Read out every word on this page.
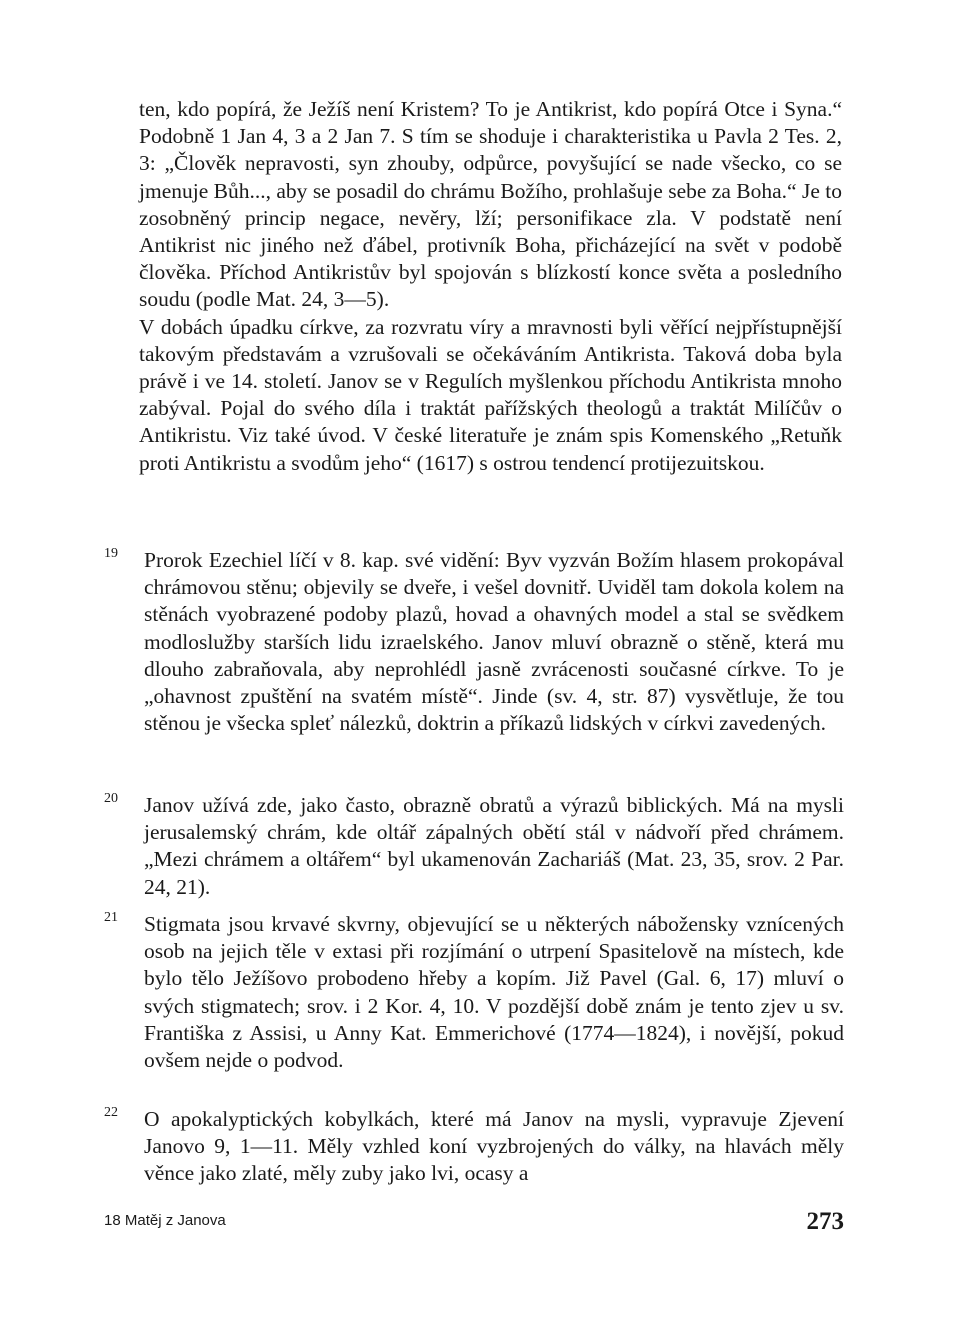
ten, kdo popírá, že Ježíš není Kristem? To je Antikrist, kdo popírá Otce i Syna.“ Podobně 1 Jan 4, 3 a 2 Jan 7. S tím se shoduje i charakteristika u Pavla 2 Tes. 2, 3: „Člověk nepravosti, syn zhouby, odpůrce, povyšující se nade všecko, co se jmenuje Bůh..., aby se posadil do chrámu Božího, prohlašuje sebe za Boha.“ Je to zosobněný princip negace, nevěry, lží; personifikace zla. V podstatě není Antikrist nic jiného než ďábel, protivník Boha, přicházející na svět v podobě člověka. Příchod Antikristův byl spojován s blízkostí konce světa a posledního soudu (podle Mat. 24, 3—5).
V dobách úpadku církve, za rozvratu víry a mravnosti byli věřící nejpřístupnější takovým představám a vzrušovali se očekáváním Antikrista. Taková doba byla právě i ve 14. století. Janov se v Regulích myšlenkou příchodu Antikrista mnoho zabýval. Pojal do svého díla i traktát pařížských theologů a traktát Milíčův o Antikristu. Viz také úvod. V české literatuře je znám spis Komenského „Retuňk proti Antikristu a svodům jeho“ (1617) s ostrou tendencí protijezuitskou.

19 Prorok Ezechiel líčí v 8. kap. své vidění: Byv vyzván Božím hlasem prokopával chrámovou stěnu; objevily se dveře, i vešel dovnitř. Uviděl tam dokola kolem na stěnách vyobrazené podoby plazů, hovad a ohavných model a stal se svědkem modloslužby starších lidu izraelského. Janov mluví obrazně o stěně, která mu dlouho zabraňovala, aby neprohlédl jasně zvrácenosti současné církve. To je „ohavnost zpuštění na svatém místě“. Jinde (sv. 4, str. 87) vysvětluje, že tou stěnou je všecka spleť nálezků, doktrin a příkazů lidských v církvi zavedených.

20 Janov užívá zde, jako často, obrazně obratů a výrazů biblických. Má na mysli jerusalemský chrám, kde oltář zápalných obětí stál v nádvoří před chrámem. „Mezi chrámem a oltářem“ byl ukamenován Zachariáš (Mat. 23, 35, srov. 2 Par. 24, 21).

21 Stigmata jsou krvavé skvrny, objevující se u některých nábožensky vznícených osob na jejich těle v extasi při rozjímání o utrpení Spasitelově na místech, kde bylo tělo Ježíšovo probodeno hřeby a kopím. Již Pavel (Gal. 6, 17) mluví o svých stigmatech; srov. i 2 Kor. 4, 10. V pozdější době znám je tento zjev u sv. Františka z Assisi, u Anny Kat. Emmerichové (1774—1824), i novější, pokud ovšem nejde o podvod.

22 O apokalyptických kobylkách, které má Janov na mysli, vypravuje Zjevení Janovo 9, 1—11. Měly vzhled koní vyzbrojených do války, na hlavách měly věnce jako zlaté, měly zuby jako lvi, ocasy a

18 Matěj z Janova	273
